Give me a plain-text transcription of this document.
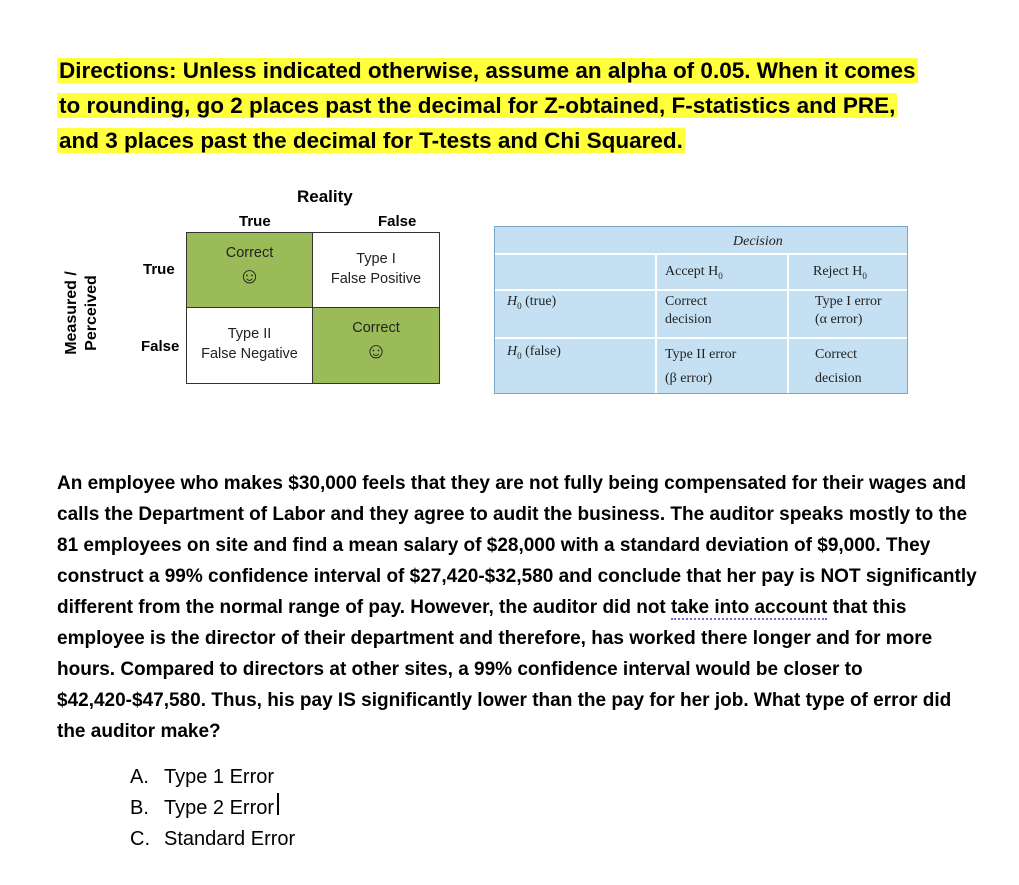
Directions: Unless indicated otherwise, assume an alpha of 0.05. When it comes
to rounding, go 2 places past the decimal for Z-obtained, F-statistics and PRE,
and 3 places past the decimal for T-tests and Chi Squared.
Reality
True	False
Measured / Perceived
True
False
Correct
☺
Type I
False Positive
Type II
False Negative
Correct
☺
Decision
Accept $H_0$	Reject $H_0$
$H_0$ (true)
$H_0$ (false)
Correct
decision
Type I error
(α error)
Type II error
(β error)
Correct
decision
An employee who makes $30,000 feels that they are not fully being compensated for their wages and calls the Department of Labor and they agree to audit the business. The auditor speaks mostly to the 81 employees on site and find a mean salary of $28,000 with a standard deviation of $9,000. They construct a 99% confidence interval of $27,420-$32,580 and conclude that her pay is NOT significantly different from the normal range of pay. However, the auditor did not take into account that this employee is the director of their department and therefore, has worked there longer and for more hours. Compared to directors at other sites, a 99% confidence interval would be closer to $42,420-$47,580. Thus, his pay IS significantly lower than the pay for her job. What type of error did the auditor make?
A. Type 1 Error
B. Type 2 Error
C. Standard Error
